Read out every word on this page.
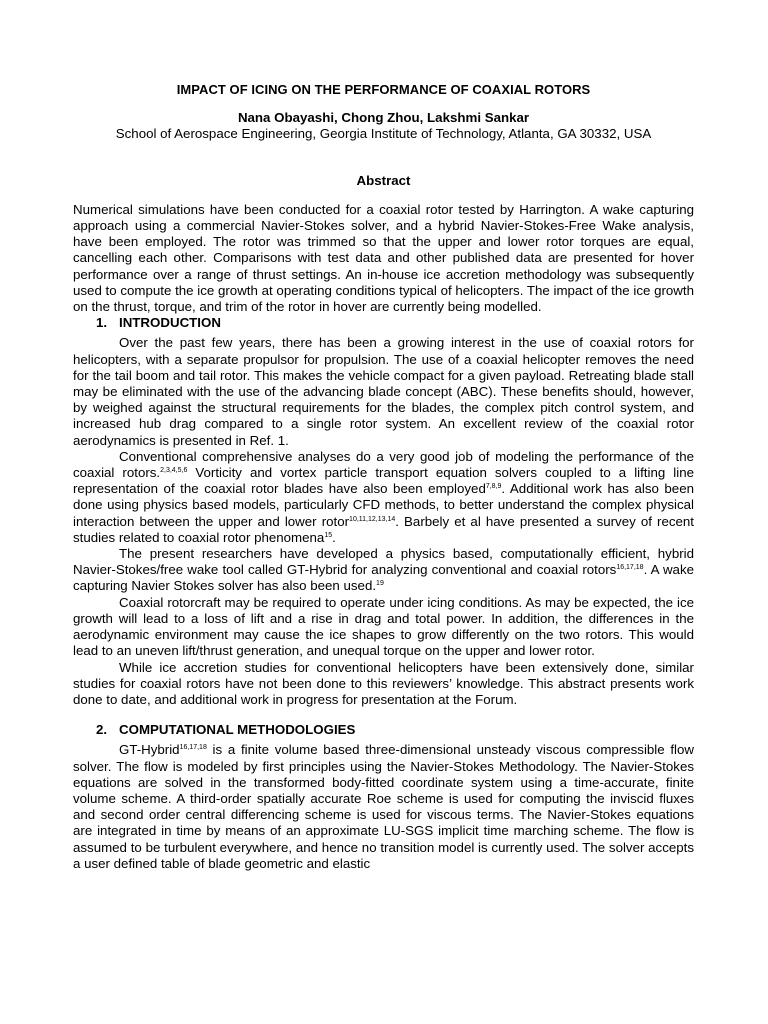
IMPACT OF ICING ON THE PERFORMANCE OF COAXIAL ROTORS
Nana Obayashi, Chong Zhou, Lakshmi Sankar
School of Aerospace Engineering, Georgia Institute of Technology, Atlanta, GA 30332, USA
Abstract

Numerical simulations have been conducted for a coaxial rotor tested by Harrington. A wake capturing approach using a commercial Navier-Stokes solver, and a hybrid Navier-Stokes-Free Wake analysis, have been employed. The rotor was trimmed so that the upper and lower rotor torques are equal, cancelling each other. Comparisons with test data and other published data are presented for hover performance over a range of thrust settings. An in-house ice accretion methodology was subsequently used to compute the ice growth at operating conditions typical of helicopters. The impact of the ice growth on the thrust, torque, and trim of the rotor in hover are currently being modelled.

1. INTRODUCTION

Over the past few years, there has been a growing interest in the use of coaxial rotors for helicopters, with a separate propulsor for propulsion. The use of a coaxial helicopter removes the need for the tail boom and tail rotor. This makes the vehicle compact for a given payload. Retreating blade stall may be eliminated with the use of the advancing blade concept (ABC). These benefits should, however, by weighed against the structural requirements for the blades, the complex pitch control system, and increased hub drag compared to a single rotor system. An excellent review of the coaxial rotor aerodynamics is presented in Ref. 1.

Conventional comprehensive analyses do a very good job of modeling the performance of the coaxial rotors.$^{2,3,4,5,6}$ Vorticity and vortex particle transport equation solvers coupled to a lifting line representation of the coaxial rotor blades have also been employed$^{7,8,9}$. Additional work has also been done using physics based models, particularly CFD methods, to better understand the complex physical interaction between the upper and lower rotor$^{10,11,12,13,14}$. Barbely et al have presented a survey of recent studies related to coaxial rotor phenomena$^{15}$.

The present researchers have developed a physics based, computationally efficient, hybrid Navier-Stokes/free wake tool called GT-Hybrid for analyzing conventional and coaxial rotors$^{16,17,18}$. A wake capturing Navier Stokes solver has also been used.$^{19}$

Coaxial rotorcraft may be required to operate under icing conditions. As may be expected, the ice growth will lead to a loss of lift and a rise in drag and total power. In addition, the differences in the aerodynamic environment may cause the ice shapes to grow differently on the two rotors. This would lead to an uneven lift/thrust generation, and unequal torque on the upper and lower rotor.

While ice accretion studies for conventional helicopters have been extensively done, similar studies for coaxial rotors have not been done to this reviewers’ knowledge. This abstract presents work done to date, and additional work in progress for presentation at the Forum.

2. COMPUTATIONAL METHODOLOGIES

GT-Hybrid$^{16,17,18}$ is a finite volume based three-dimensional unsteady viscous compressible flow solver. The flow is modeled by first principles using the Navier-Stokes Methodology. The Navier-Stokes equations are solved in the transformed body-fitted coordinate system using a time-accurate, finite volume scheme. A third-order spatially accurate Roe scheme is used for computing the inviscid fluxes and second order central differencing scheme is used for viscous terms. The Navier-Stokes equations are integrated in time by means of an approximate LU-SGS implicit time marching scheme. The flow is assumed to be turbulent everywhere, and hence no transition model is currently used. The solver accepts a user defined table of blade geometric and elastic
